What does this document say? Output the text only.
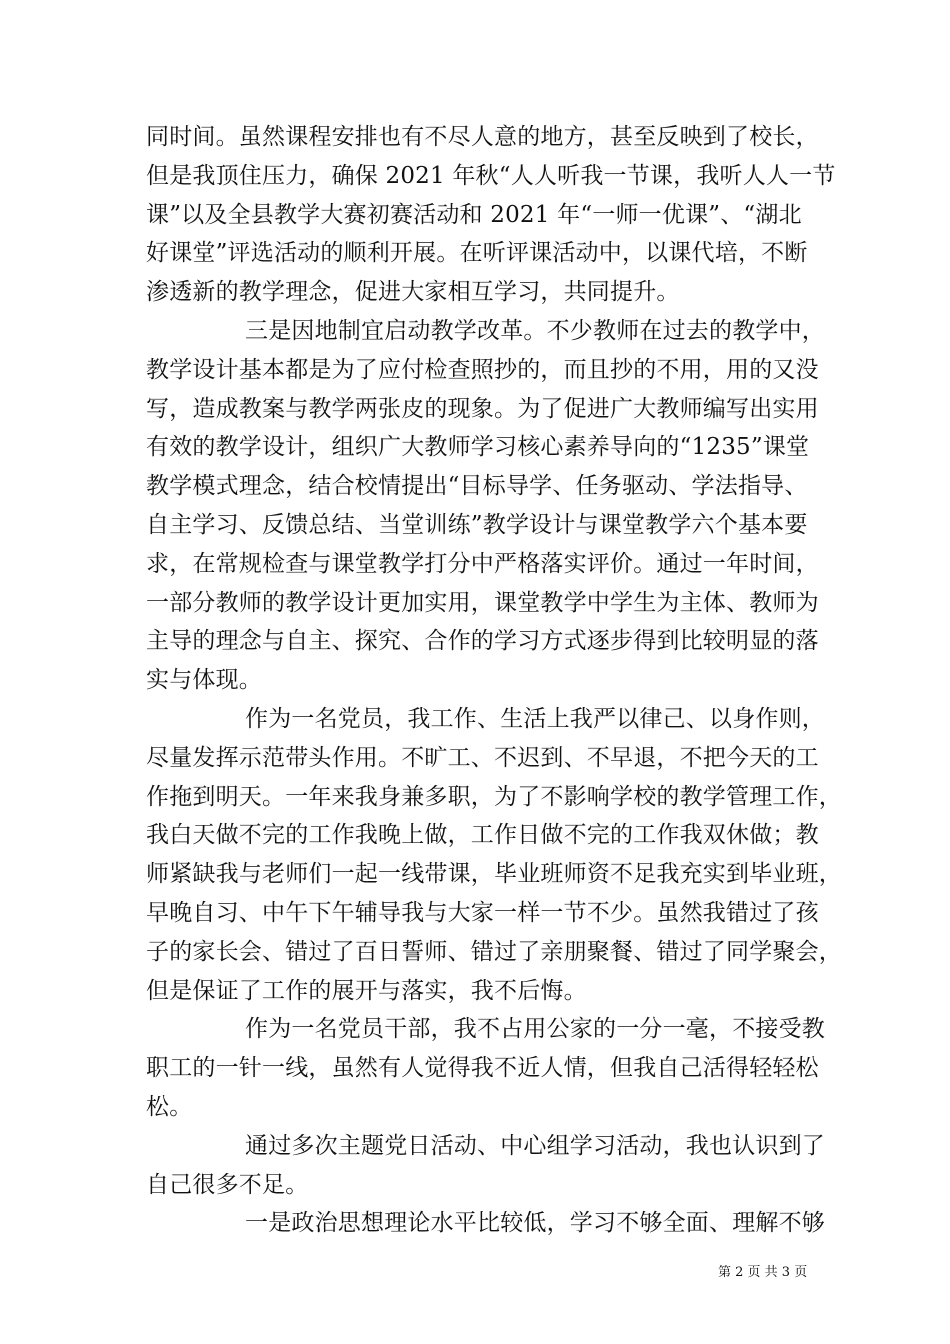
同时间。虽然课程安排也有不尽人意的地方，甚至反映到了校长，
但是我顶住压力，确保 2021 年秋“人人听我一节课，我听人人一节
课”以及全县教学大赛初赛活动和 2021 年“一师一优课”、“湖北
好课堂”评选活动的顺利开展。在听评课活动中，以课代培，不断
渗透新的教学理念，促进大家相互学习，共同提升。
三是因地制宜启动教学改革。不少教师在过去的教学中，
教学设计基本都是为了应付检查照抄的，而且抄的不用，用的又没
写，造成教案与教学两张皮的现象。为了促进广大教师编写出实用
有效的教学设计，组织广大教师学习核心素养导向的“1235”课堂
教学模式理念，结合校情提出“目标导学、任务驱动、学法指导、
自主学习、反馈总结、当堂训练”教学设计与课堂教学六个基本要
求，在常规检查与课堂教学打分中严格落实评价。通过一年时间，
一部分教师的教学设计更加实用，课堂教学中学生为主体、教师为
主导的理念与自主、探究、合作的学习方式逐步得到比较明显的落
实与体现。
作为一名党员，我工作、生活上我严以律己、以身作则，
尽量发挥示范带头作用。不旷工、不迟到、不早退，不把今天的工
作拖到明天。一年来我身兼多职，为了不影响学校的教学管理工作，
我白天做不完的工作我晚上做，工作日做不完的工作我双休做；教
师紧缺我与老师们一起一线带课，毕业班师资不足我充实到毕业班，
早晚自习、中午下午辅导我与大家一样一节不少。虽然我错过了孩
子的家长会、错过了百日誓师、错过了亲朋聚餐、错过了同学聚会，
但是保证了工作的展开与落实，我不后悔。
作为一名党员干部，我不占用公家的一分一毫，不接受教
职工的一针一线，虽然有人觉得我不近人情，但我自己活得轻轻松
松。
通过多次主题党日活动、中心组学习活动，我也认识到了
自己很多不足。
一是政治思想理论水平比较低，学习不够全面、理解不够
第 2 页 共 3 页
